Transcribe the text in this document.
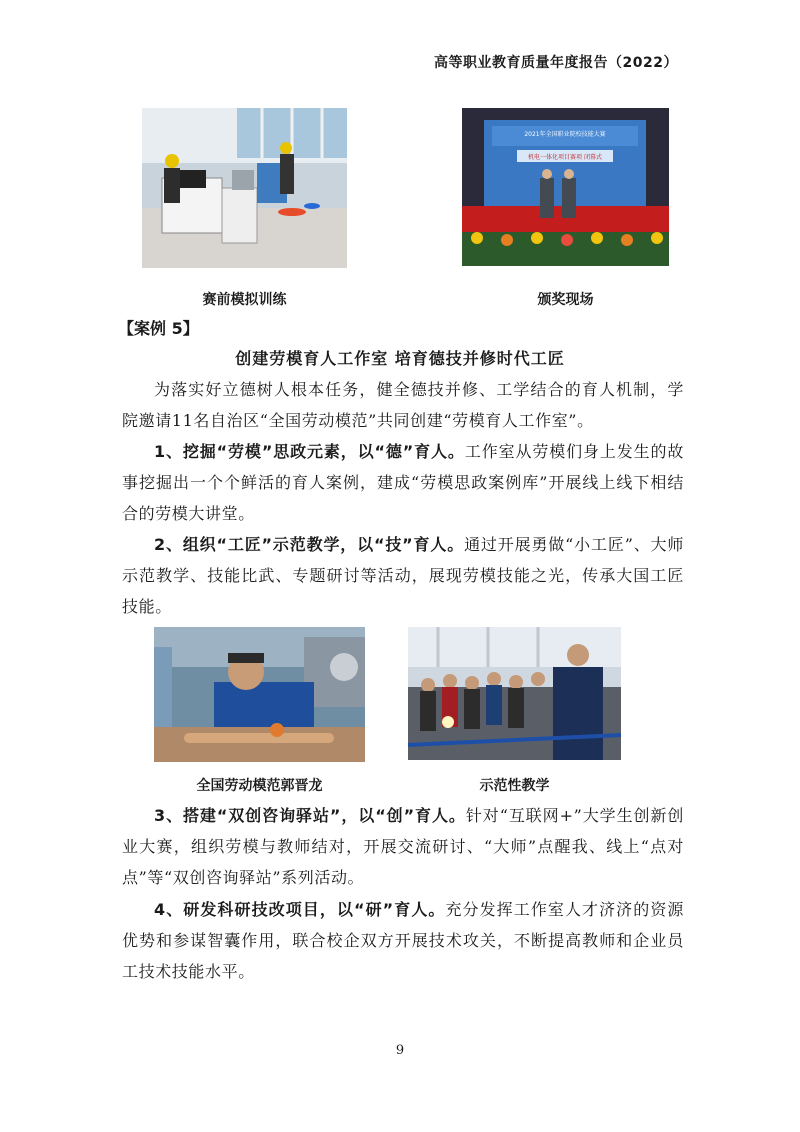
高等职业教育质量年度报告（2022）
2021年全国职业院校技能大赛
机电一体化项目赛项 闭幕式
赛前模拟训练	颁奖现场
【案例 5】
创建劳模育人工作室 培育德技并修时代工匠
为落实好立德树人根本任务，健全德技并修、工学结合的育人机制，学院邀请11名自治区“全国劳动模范”共同创建“劳模育人工作室”。
1、挖掘“劳模”思政元素，以“德”育人。工作室从劳模们身上发生的故事挖掘出一个个鲜活的育人案例，建成“劳模思政案例库”开展线上线下相结合的劳模大讲堂。
2、组织“工匠”示范教学，以“技”育人。通过开展勇做“小工匠”、大师示范教学、技能比武、专题研讨等活动，展现劳模技能之光，传承大国工匠技能。
全国劳动模范郭晋龙	示范性教学
3、搭建“双创咨询驿站”，以“创”育人。针对“互联网+”大学生创新创业大赛，组织劳模与教师结对，开展交流研讨、“大师”点醒我、线上“点对点”等“双创咨询驿站”系列活动。
4、研发科研技改项目，以“研”育人。充分发挥工作室人才济济的资源优势和参谋智囊作用，联合校企双方开展技术攻关，不断提高教师和企业员工技术技能水平。
9
